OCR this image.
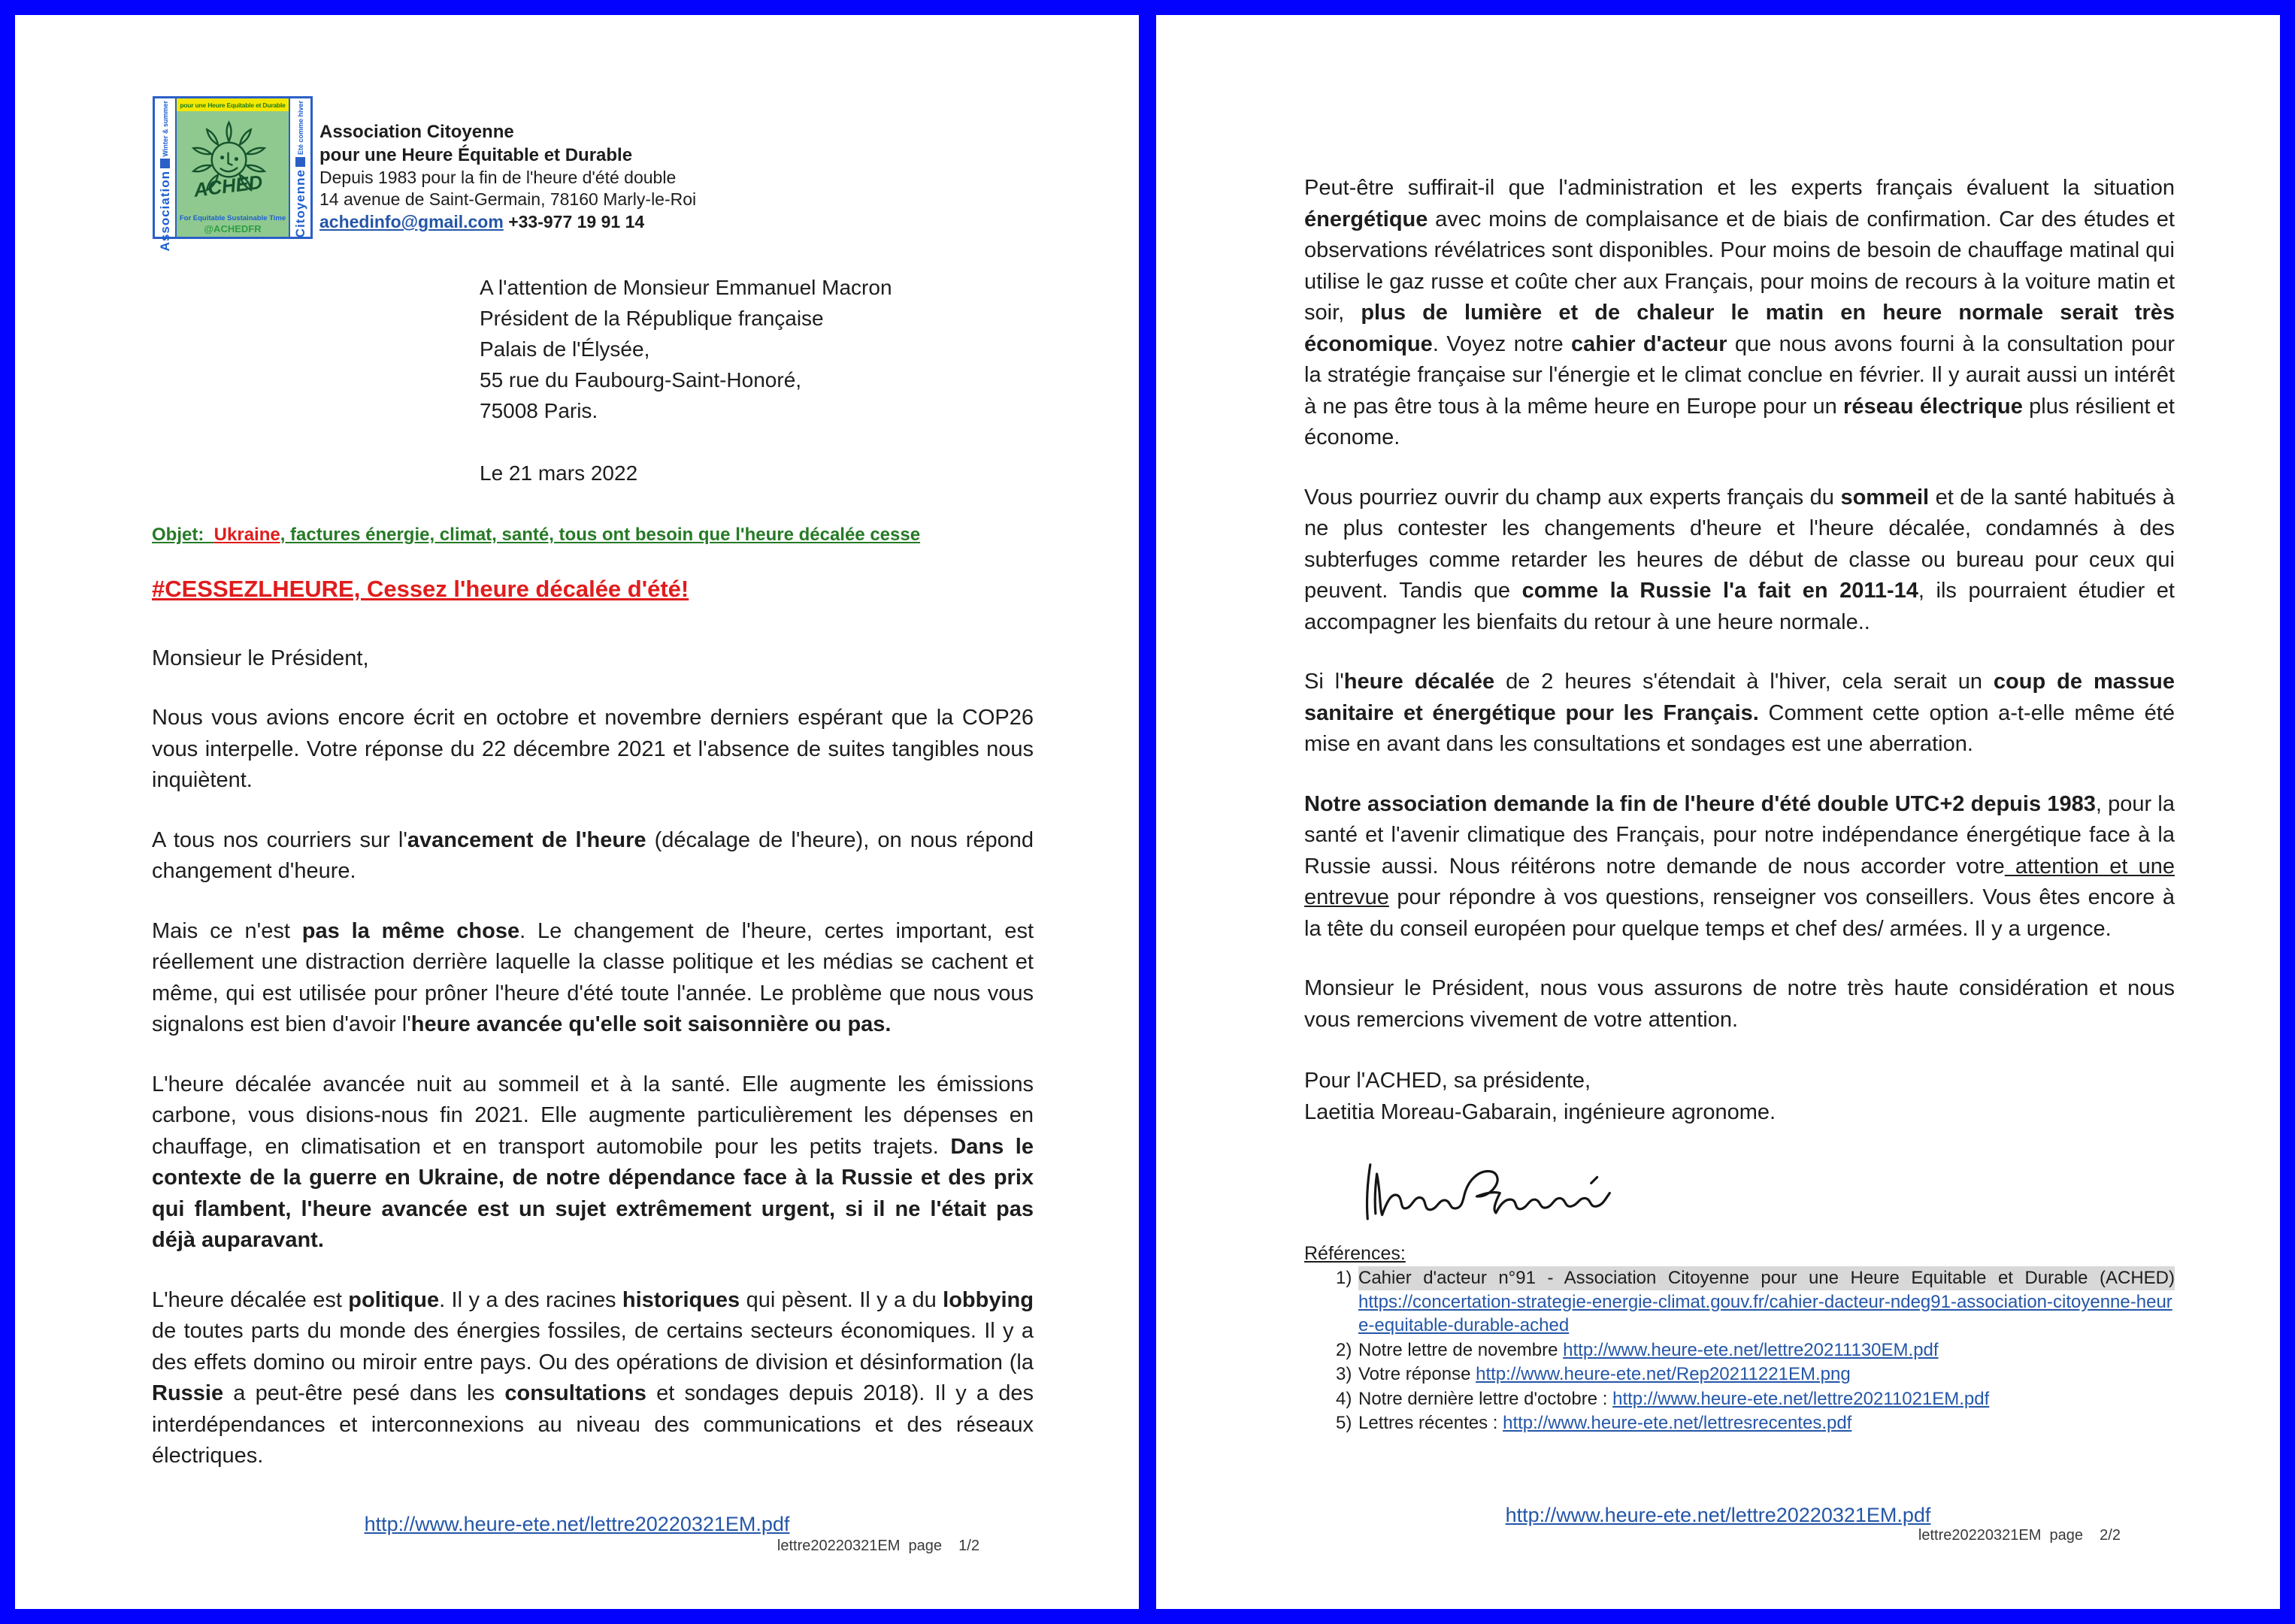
Winter & summer
Association
pour une Heure Equitable et Durable
ACHED
For Equitable Sustainable Time
@ACHEDFR
Eté comme hiver
Citoyenne
Association Citoyenne
pour une Heure Équitable et Durable
Depuis 1983 pour la fin de l'heure d'été double
14 avenue de Saint-Germain, 78160 Marly-le-Roi
achedinfo@gmail.com +33-977 19 91 14
A l'attention de Monsieur Emmanuel Macron
Président de la République française
Palais de l'Élysée,
55 rue du Faubourg-Saint-Honoré,
75008 Paris.
Le 21 mars 2022
Objet:  Ukraine, factures énergie, climat, santé, tous ont besoin que l'heure décalée cesse
#CESSEZLHEURE, Cessez l'heure décalée d'été!
Monsieur le Président,
Nous vous avions encore écrit en octobre et novembre derniers espérant que la COP26 vous interpelle. Votre réponse du 22 décembre 2021 et l'absence de suites tangibles nous inquiètent.
A tous nos courriers sur l'avancement de l'heure (décalage de l'heure), on nous répond changement d'heure.
Mais ce n'est pas la même chose. Le changement de l'heure, certes important, est réellement une distraction derrière laquelle la classe politique et les médias se cachent et même, qui est utilisée pour prôner l'heure d'été toute l'année. Le problème que nous vous signalons est bien d'avoir l'heure avancée qu'elle soit saisonnière ou pas.
L'heure décalée avancée nuit au sommeil et à la santé. Elle augmente les émissions carbone, vous disions-nous fin 2021. Elle augmente particulièrement les dépenses en chauffage, en climatisation et en transport automobile pour les petits trajets. Dans le contexte de la guerre en Ukraine, de notre dépendance face à la Russie et des prix qui flambent, l'heure avancée est un sujet extrêmement urgent, si il ne l'était pas déjà auparavant.
L'heure décalée est politique. Il y a des racines historiques qui pèsent. Il y a du lobbying de toutes parts du monde des énergies fossiles, de certains secteurs économiques. Il y a des effets domino ou miroir entre pays. Ou des opérations de division et désinformation (la Russie a peut-être pesé dans les consultations et sondages depuis 2018). Il y a des interdépendances et interconnexions au niveau des communications et des réseaux électriques.
http://www.heure-ete.net/lettre20220321EM.pdf
lettre20220321EM  page    1/2
Peut-être suffirait-il que l'administration et les experts français évaluent la situation énergétique avec moins de complaisance et de biais de confirmation. Car des études et observations révélatrices sont disponibles. Pour moins de besoin de chauffage matinal qui utilise le gaz russe et coûte cher aux Français, pour moins de recours à la voiture matin et soir, plus de lumière et de chaleur le matin en heure normale serait très économique. Voyez notre cahier d'acteur que nous avons fourni à la consultation pour la stratégie française sur l'énergie et le climat conclue en février. Il y aurait aussi un intérêt à ne pas être tous à la même heure en Europe pour un réseau électrique plus résilient et économe.
Vous pourriez ouvrir du champ aux experts français du sommeil et de la santé habitués à ne plus contester les changements d'heure et l'heure décalée, condamnés à des subterfuges comme retarder les heures de début de classe ou bureau pour ceux qui peuvent. Tandis que comme la Russie l'a fait en 2011-14, ils pourraient étudier et accompagner les bienfaits du retour à une heure normale..
Si l'heure décalée de 2 heures s'étendait à l'hiver, cela serait un coup de massue sanitaire et énergétique pour les Français. Comment cette option a-t-elle même été mise en avant dans les consultations et sondages est une aberration.
Notre association demande la fin de l'heure d'été double UTC+2 depuis 1983, pour la santé et l'avenir climatique des Français, pour notre indépendance énergétique face à la Russie aussi. Nous réitérons notre demande de nous accorder votre attention et une entrevue pour répondre à vos questions, renseigner vos conseillers. Vous êtes encore à la tête du conseil européen pour quelque temps et chef des/ armées. Il y a urgence.
Monsieur le Président, nous vous assurons de notre très haute considération et nous vous remercions vivement de votre attention.
Pour l'ACHED, sa présidente,
Laetitia Moreau-Gabarain, ingénieure agronome.
Références:
1) Cahier d'acteur n°91 - Association Citoyenne pour une Heure Equitable et Durable (ACHED)
https://concertation-strategie-energie-climat.gouv.fr/cahier-dacteur-ndeg91-association-citoyenne-heure-equitable-durable-ached
2) Notre lettre de novembre http://www.heure-ete.net/lettre20211130EM.pdf
3) Votre réponse http://www.heure-ete.net/Rep20211221EM.png
4) Notre dernière lettre d'octobre : http://www.heure-ete.net/lettre20211021EM.pdf
5) Lettres récentes : http://www.heure-ete.net/lettresrecentes.pdf
http://www.heure-ete.net/lettre20220321EM.pdf
lettre20220321EM  page    2/2
